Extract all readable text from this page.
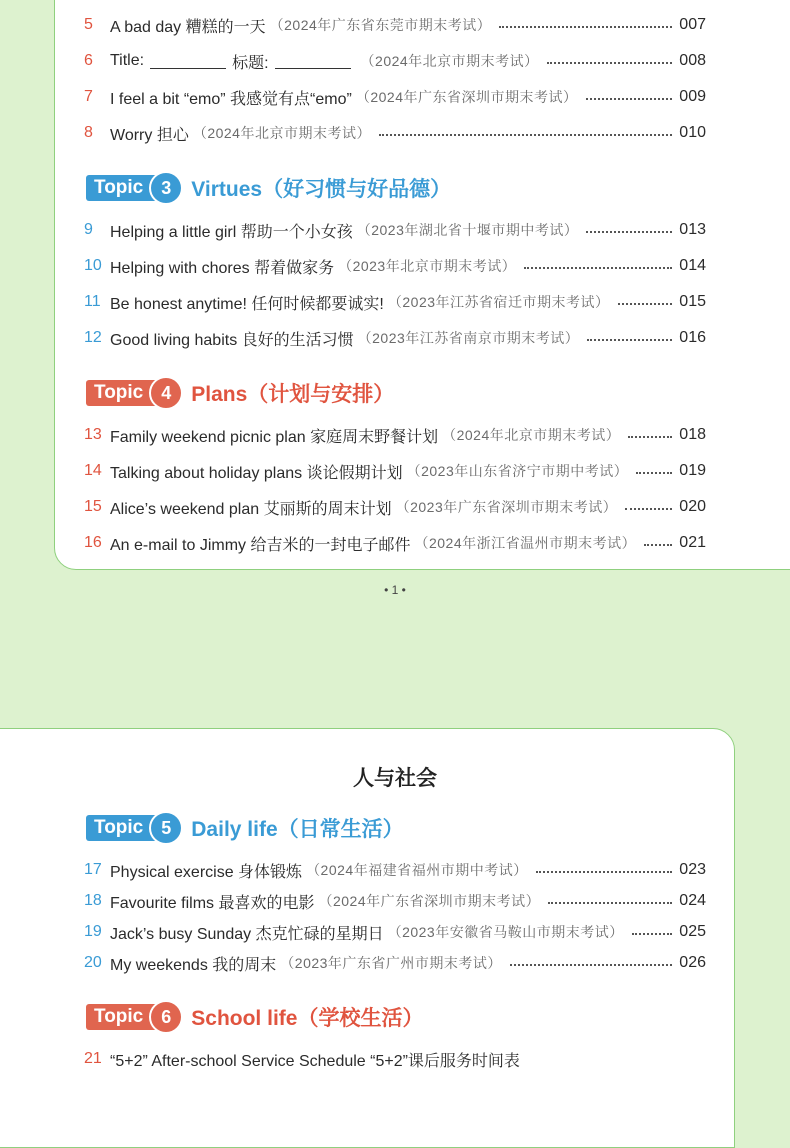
5	A bad day 糟糕的一天 （2024年广东省东莞市期末考试）	007
6	Title:	标题:	（2024年北京市期末考试）	008
7	I feel a bit “emo” 我感觉有点“emo” （2024年广东省深圳市期末考试）	009
8	Worry 担心 （2024年北京市期末考试）	010
Topic 3 Virtues（好习惯与好品德）
9	Helping a little girl 帮助一个小女孩 （2023年湖北省十堰市期中考试）	013
10 Helping with chores 帮着做家务 （2023年北京市期末考试）	014
11 Be honest anytime! 任何时候都要诚实! （2023年江苏省宿迁市期末考试）	015
12 Good living habits 良好的生活习惯 （2023年江苏省南京市期末考试）	016
Topic 4 Plans（计划与安排）
13 Family weekend picnic plan 家庭周末野餐计划 （2024年北京市期末考试）	018
14 Talking about holiday plans 谈论假期计划 （2023年山东省济宁市期中考试）	019
15 Alice’s weekend plan 艾丽斯的周末计划 （2023年广东省深圳市期末考试）	020
16 An e-mail to Jimmy 给吉米的一封电子邮件 （2024年浙江省温州市期末考试）	021
• 1 •
人与社会
Topic 5 Daily life（日常生活）
17 Physical exercise 身体锻炼 （2024年福建省福州市期中考试）	023
18 Favourite films 最喜欢的电影 （2024年广东省深圳市期末考试）	024
19 Jack’s busy Sunday 杰克忙碌的星期日 （2023年安徽省马鞍山市期末考试）	025
20 My weekends 我的周末 （2023年广东省广州市期末考试）	026
Topic 6 School life（学校生活）
21 “5+2” After-school Service Schedule “5+2”课后服务时间表
